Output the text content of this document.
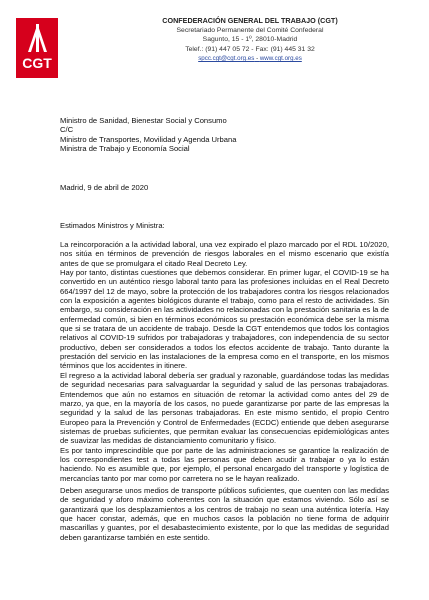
CGT
CONFEDERACIÓN GENERAL DEL TRABAJO (CGT)
Secretariado Permanente del Comité Confederal
Sagunto, 15 - 1º, 28010-Madrid
Telef.: (91) 447 05 72 - Fax: (91) 445 31 32
spcc.cgt@cgt.org.es - www.cgt.org.es
Ministro de Sanidad, Bienestar Social y Consumo
C/C
Ministro de Transportes, Movilidad y Agenda Urbana
Ministra de Trabajo y Economía Social
Madrid, 9 de abril de 2020
Estimados Ministros y Ministra:

La reincorporación a la actividad laboral, una vez expirado el plazo marcado por el RDL 10/2020, nos sitúa en términos de prevención de riesgos laborales en el mismo escenario que existía antes de que se promulgara el citado Real Decreto Ley.

Hay por tanto, distintas cuestiones que debemos considerar. En primer lugar, el COVID-19 se ha convertido en un auténtico riesgo laboral tanto para las profesiones incluidas en el Real Decreto 664/1997 del 12 de mayo, sobre la protección de los trabajadores contra los riesgos relacionados con la exposición a agentes biológicos durante el trabajo, como para el resto de actividades. Sin embargo, su consideración en las actividades no relacionadas con la prestación sanitaria es la de enfermedad común, si bien en términos económicos su prestación económica debe ser la misma que si se tratara de un accidente de trabajo. Desde la CGT entendemos que todos los contagios relativos al COVID-19 sufridos por trabajadoras y trabajadores, con independencia de su sector productivo, deben ser considerados a todos los efectos accidente de trabajo. Tanto durante la prestación del servicio en las instalaciones de la empresa como en el transporte, en los mismos términos que los accidentes in itinere.

El regreso a la actividad laboral debería ser gradual y razonable, guardándose todas las medidas de seguridad necesarias para salvaguardar la seguridad y salud de las personas trabajadoras. Entendemos que aún no estamos en situación de retomar la actividad como antes del 29 de marzo, ya que, en la mayoría de los casos, no puede garantizarse por parte de las empresas la seguridad y la salud de las personas trabajadoras. En este mismo sentido, el propio Centro Europeo para la Prevención y Control de Enfermedades (ECDC) entiende que deben asegurarse sistemas de pruebas suficientes, que permitan evaluar las consecuencias epidemiológicas antes de suavizar las medidas de distanciamiento comunitario y físico.

Es por tanto imprescindible que por parte de las administraciones se garantice la realización de los correspondientes test a todas las personas que deben acudir a trabajar o ya lo están haciendo. No es asumible que, por ejemplo, el personal encargado del transporte y logística de mercancías tanto por mar como por carretera no se le hayan realizado.

Deben asegurarse unos medios de transporte públicos suficientes, que cuenten con las medidas de seguridad y aforo máximo coherentes con la situación que estamos viviendo. Sólo así se garantizará que los desplazamientos a los centros de trabajo no sean una auténtica lotería. Hay que hacer constar, además, que en muchos casos la población no tiene forma de adquirir mascarillas y guantes, por el desabastecimiento existente, por lo que las medidas de seguridad deben garantizarse también en este sentido.
